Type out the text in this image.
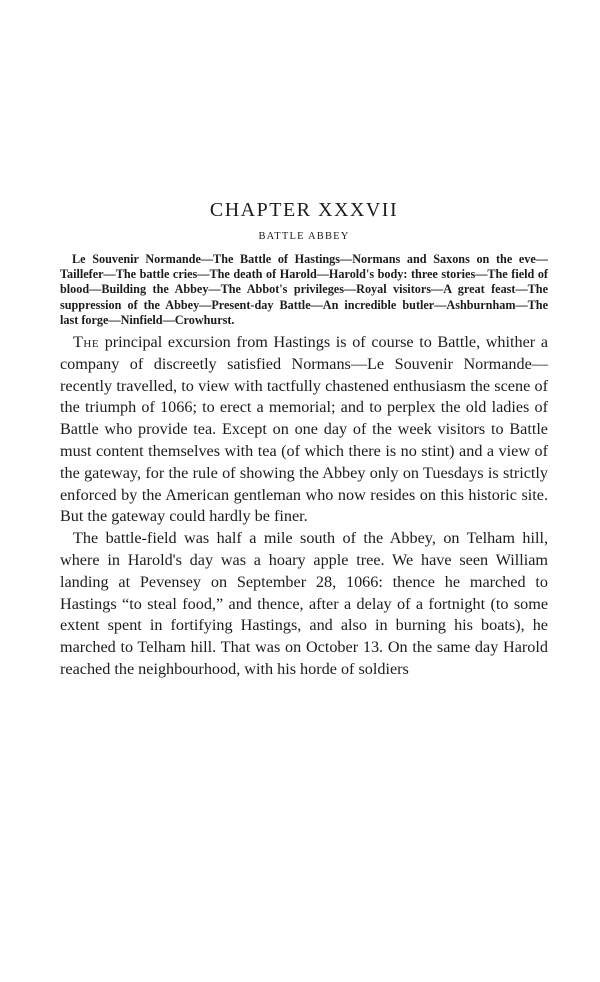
CHAPTER XXXVII
BATTLE ABBEY

Le Souvenir Normande—The Battle of Hastings—Normans and Saxons on the eve—Taillefer—The battle cries—The death of Harold—Harold's body: three stories—The field of blood—Building the Abbey—The Abbot's privileges—Royal visitors—A great feast—The suppression of the Abbey—Present-day Battle—An incredible butler—Ashburnham—The last forge—Ninfield—Crowhurst.

The principal excursion from Hastings is of course to Battle, whither a company of discreetly satisfied Normans—Le Souvenir Normande—recently travelled, to view with tactfully chastened enthusiasm the scene of the triumph of 1066; to erect a memorial; and to perplex the old ladies of Battle who provide tea. Except on one day of the week visitors to Battle must content themselves with tea (of which there is no stint) and a view of the gateway, for the rule of showing the Abbey only on Tuesdays is strictly enforced by the American gentleman who now resides on this historic site. But the gateway could hardly be finer.

The battle-field was half a mile south of the Abbey, on Telham hill, where in Harold's day was a hoary apple tree. We have seen William landing at Pevensey on September 28, 1066: thence he marched to Hastings “to steal food,” and thence, after a delay of a fortnight (to some extent spent in fortifying Hastings, and also in burning his boats), he marched to Telham hill. That was on October 13. On the same day Harold reached the neighbourhood, with his horde of soldiers
